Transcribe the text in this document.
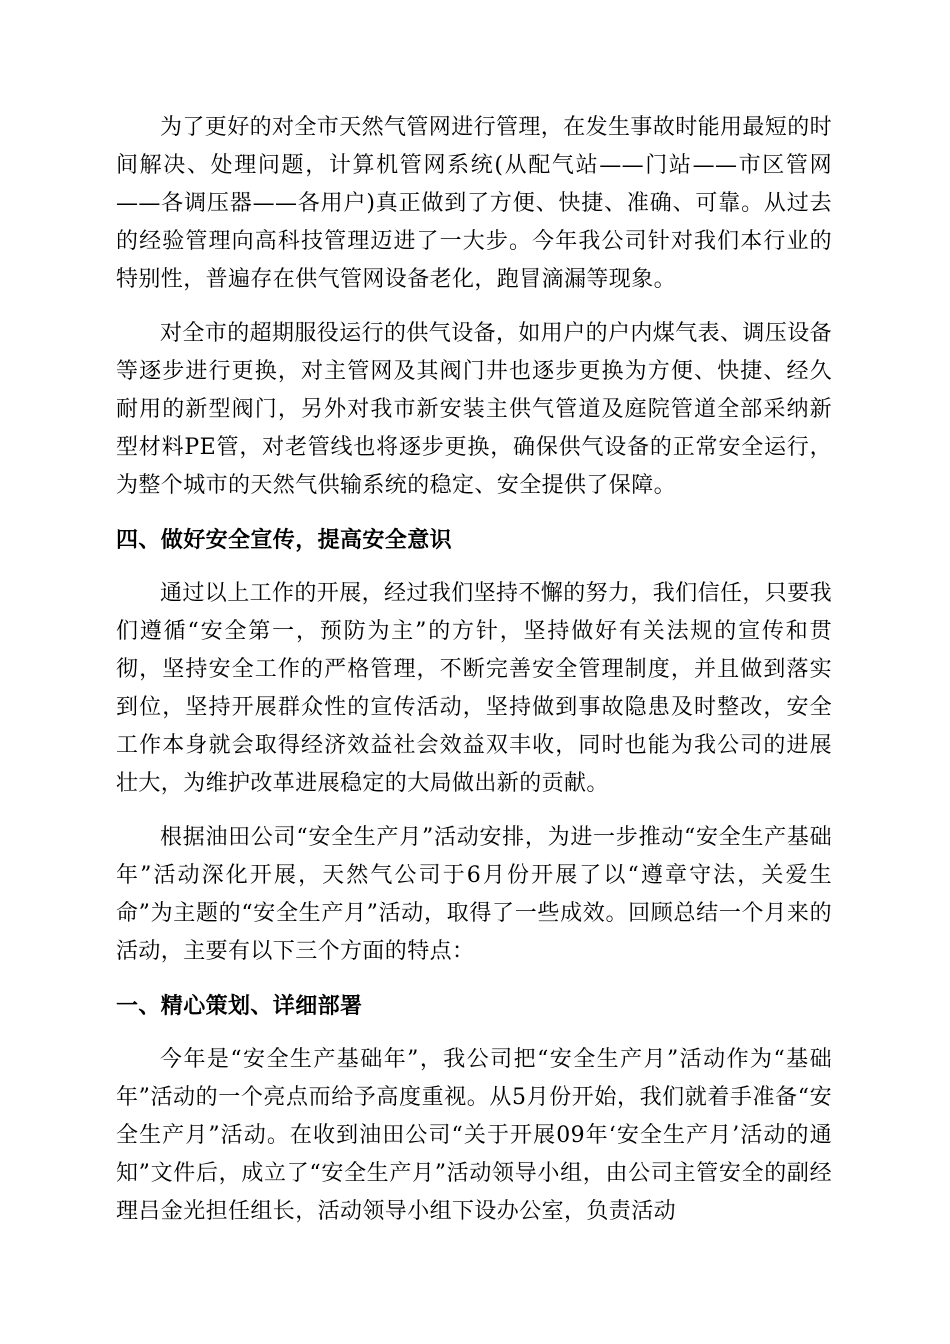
为了更好的对全市天然气管网进行管理，在发生事故时能用最短的时间解决、处理问题，计算机管网系统(从配气站——门站——市区管网——各调压器——各用户)真正做到了方便、快捷、准确、可靠。从过去的经验管理向高科技管理迈进了一大步。今年我公司针对我们本行业的特别性，普遍存在供气管网设备老化，跑冒滴漏等现象。

对全市的超期服役运行的供气设备，如用户的户内煤气表、调压设备等逐步进行更换，对主管网及其阀门井也逐步更换为方便、快捷、经久耐用的新型阀门，另外对我市新安装主供气管道及庭院管道全部采纳新型材料PE管，对老管线也将逐步更换，确保供气设备的正常安全运行，为整个城市的天然气供输系统的稳定、安全提供了保障。

四、做好安全宣传，提高安全意识

通过以上工作的开展，经过我们坚持不懈的努力，我们信任，只要我们遵循“安全第一，预防为主”的方针，坚持做好有关法规的宣传和贯彻，坚持安全工作的严格管理，不断完善安全管理制度，并且做到落实到位，坚持开展群众性的宣传活动，坚持做到事故隐患及时整改，安全工作本身就会取得经济效益社会效益双丰收，同时也能为我公司的进展壮大，为维护改革进展稳定的大局做出新的贡献。

根据油田公司“安全生产月”活动安排，为进一步推动“安全生产基础年”活动深化开展，天然气公司于6月份开展了以“遵章守法，关爱生命”为主题的“安全生产月”活动，取得了一些成效。回顾总结一个月来的活动，主要有以下三个方面的特点：

一、精心策划、详细部署

今年是“安全生产基础年”，我公司把“安全生产月”活动作为“基础年”活动的一个亮点而给予高度重视。从5月份开始，我们就着手准备“安全生产月”活动。在收到油田公司“关于开展09年‘安全生产月’活动的通知”文件后，成立了“安全生产月”活动领导小组，由公司主管安全的副经理吕金光担任组长，活动领导小组下设办公室，负责活动
